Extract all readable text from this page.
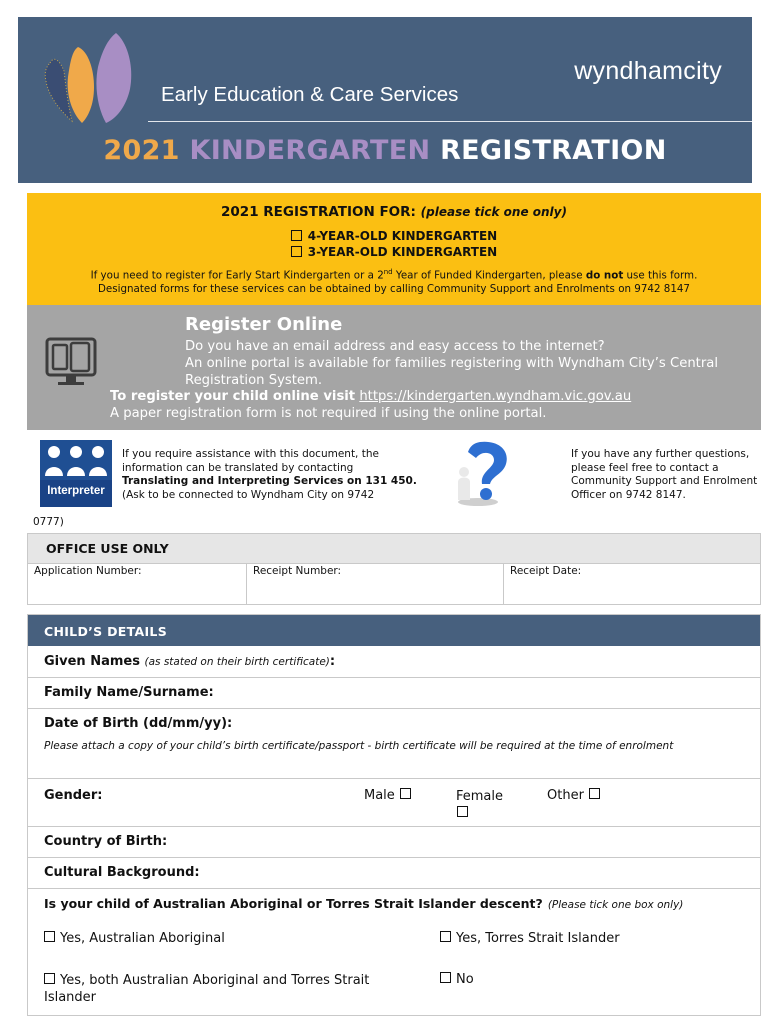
Early Education & Care Services
wyndhamcity
2021 KINDERGARTEN REGISTRATION
2021 REGISTRATION FOR: (please tick one only)
4-YEAR-OLD KINDERGARTEN
3-YEAR-OLD KINDERGARTEN
If you need to register for Early Start Kindergarten or a 2nd Year of Funded Kindergarten, please do not use this form.
Designated forms for these services can be obtained by calling Community Support and Enrolments on 9742 8147
Register Online
Do you have an email address and easy access to the internet?
An online portal is available for families registering with Wyndham City’s Central
Registration System.
To register your child online visit https://kindergarten.wyndham.vic.gov.au
A paper registration form is not required if using the online portal.
Interpreter
If you require assistance with this document, the information can be translated by contacting Translating and Interpreting Services on 131 450.
(Ask to be connected to Wyndham City on 9742
0777)
If you have any further questions, please feel free to contact a Community Support and Enrolment Officer on 9742 8147.
OFFICE USE ONLY
Application Number:	Receipt Number:	Receipt Date:
CHILD’S DETAILS
Given Names (as stated on their birth certificate):
Family Name/Surname:
Date of Birth (dd/mm/yy):
Please attach a copy of your child’s birth certificate/passport - birth certificate will be required at the time of enrolment
Gender:	Male	Female	Other
Country of Birth:
Cultural Background:
Is your child of Australian Aboriginal or Torres Strait Islander descent? (Please tick one box only)
Yes, Australian Aboriginal	Yes, Torres Strait Islander
Yes, both Australian Aboriginal and Torres Strait Islander
No
